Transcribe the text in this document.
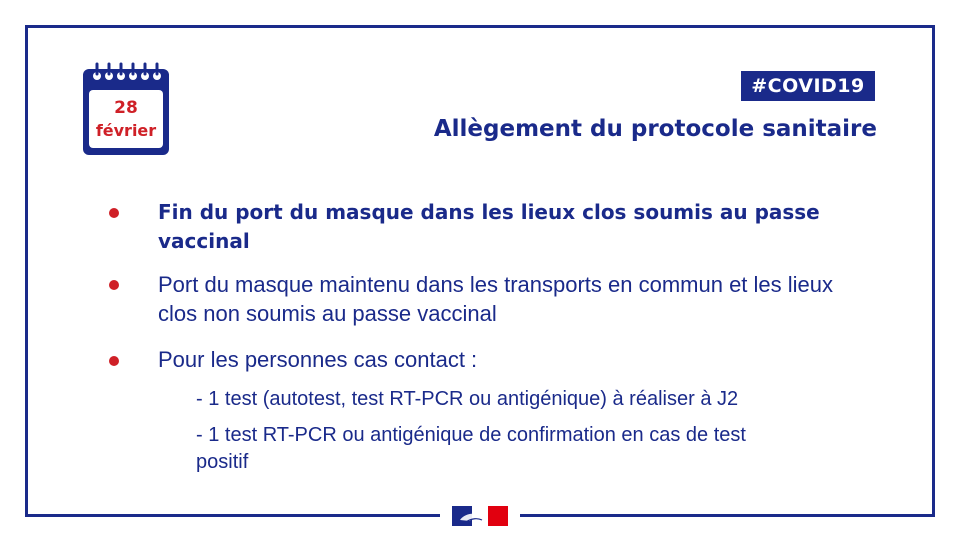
28
février
#COVID19
Allègement du protocole sanitaire
Fin du port du masque dans les lieux clos soumis au passe vaccinal
Port du masque maintenu dans les transports en commun et les lieux clos non soumis au passe vaccinal
Pour les personnes cas contact :
- 1 test (autotest, test RT-PCR ou antigénique) à réaliser à J2
- 1 test RT-PCR ou antigénique de confirmation en cas de test positif
